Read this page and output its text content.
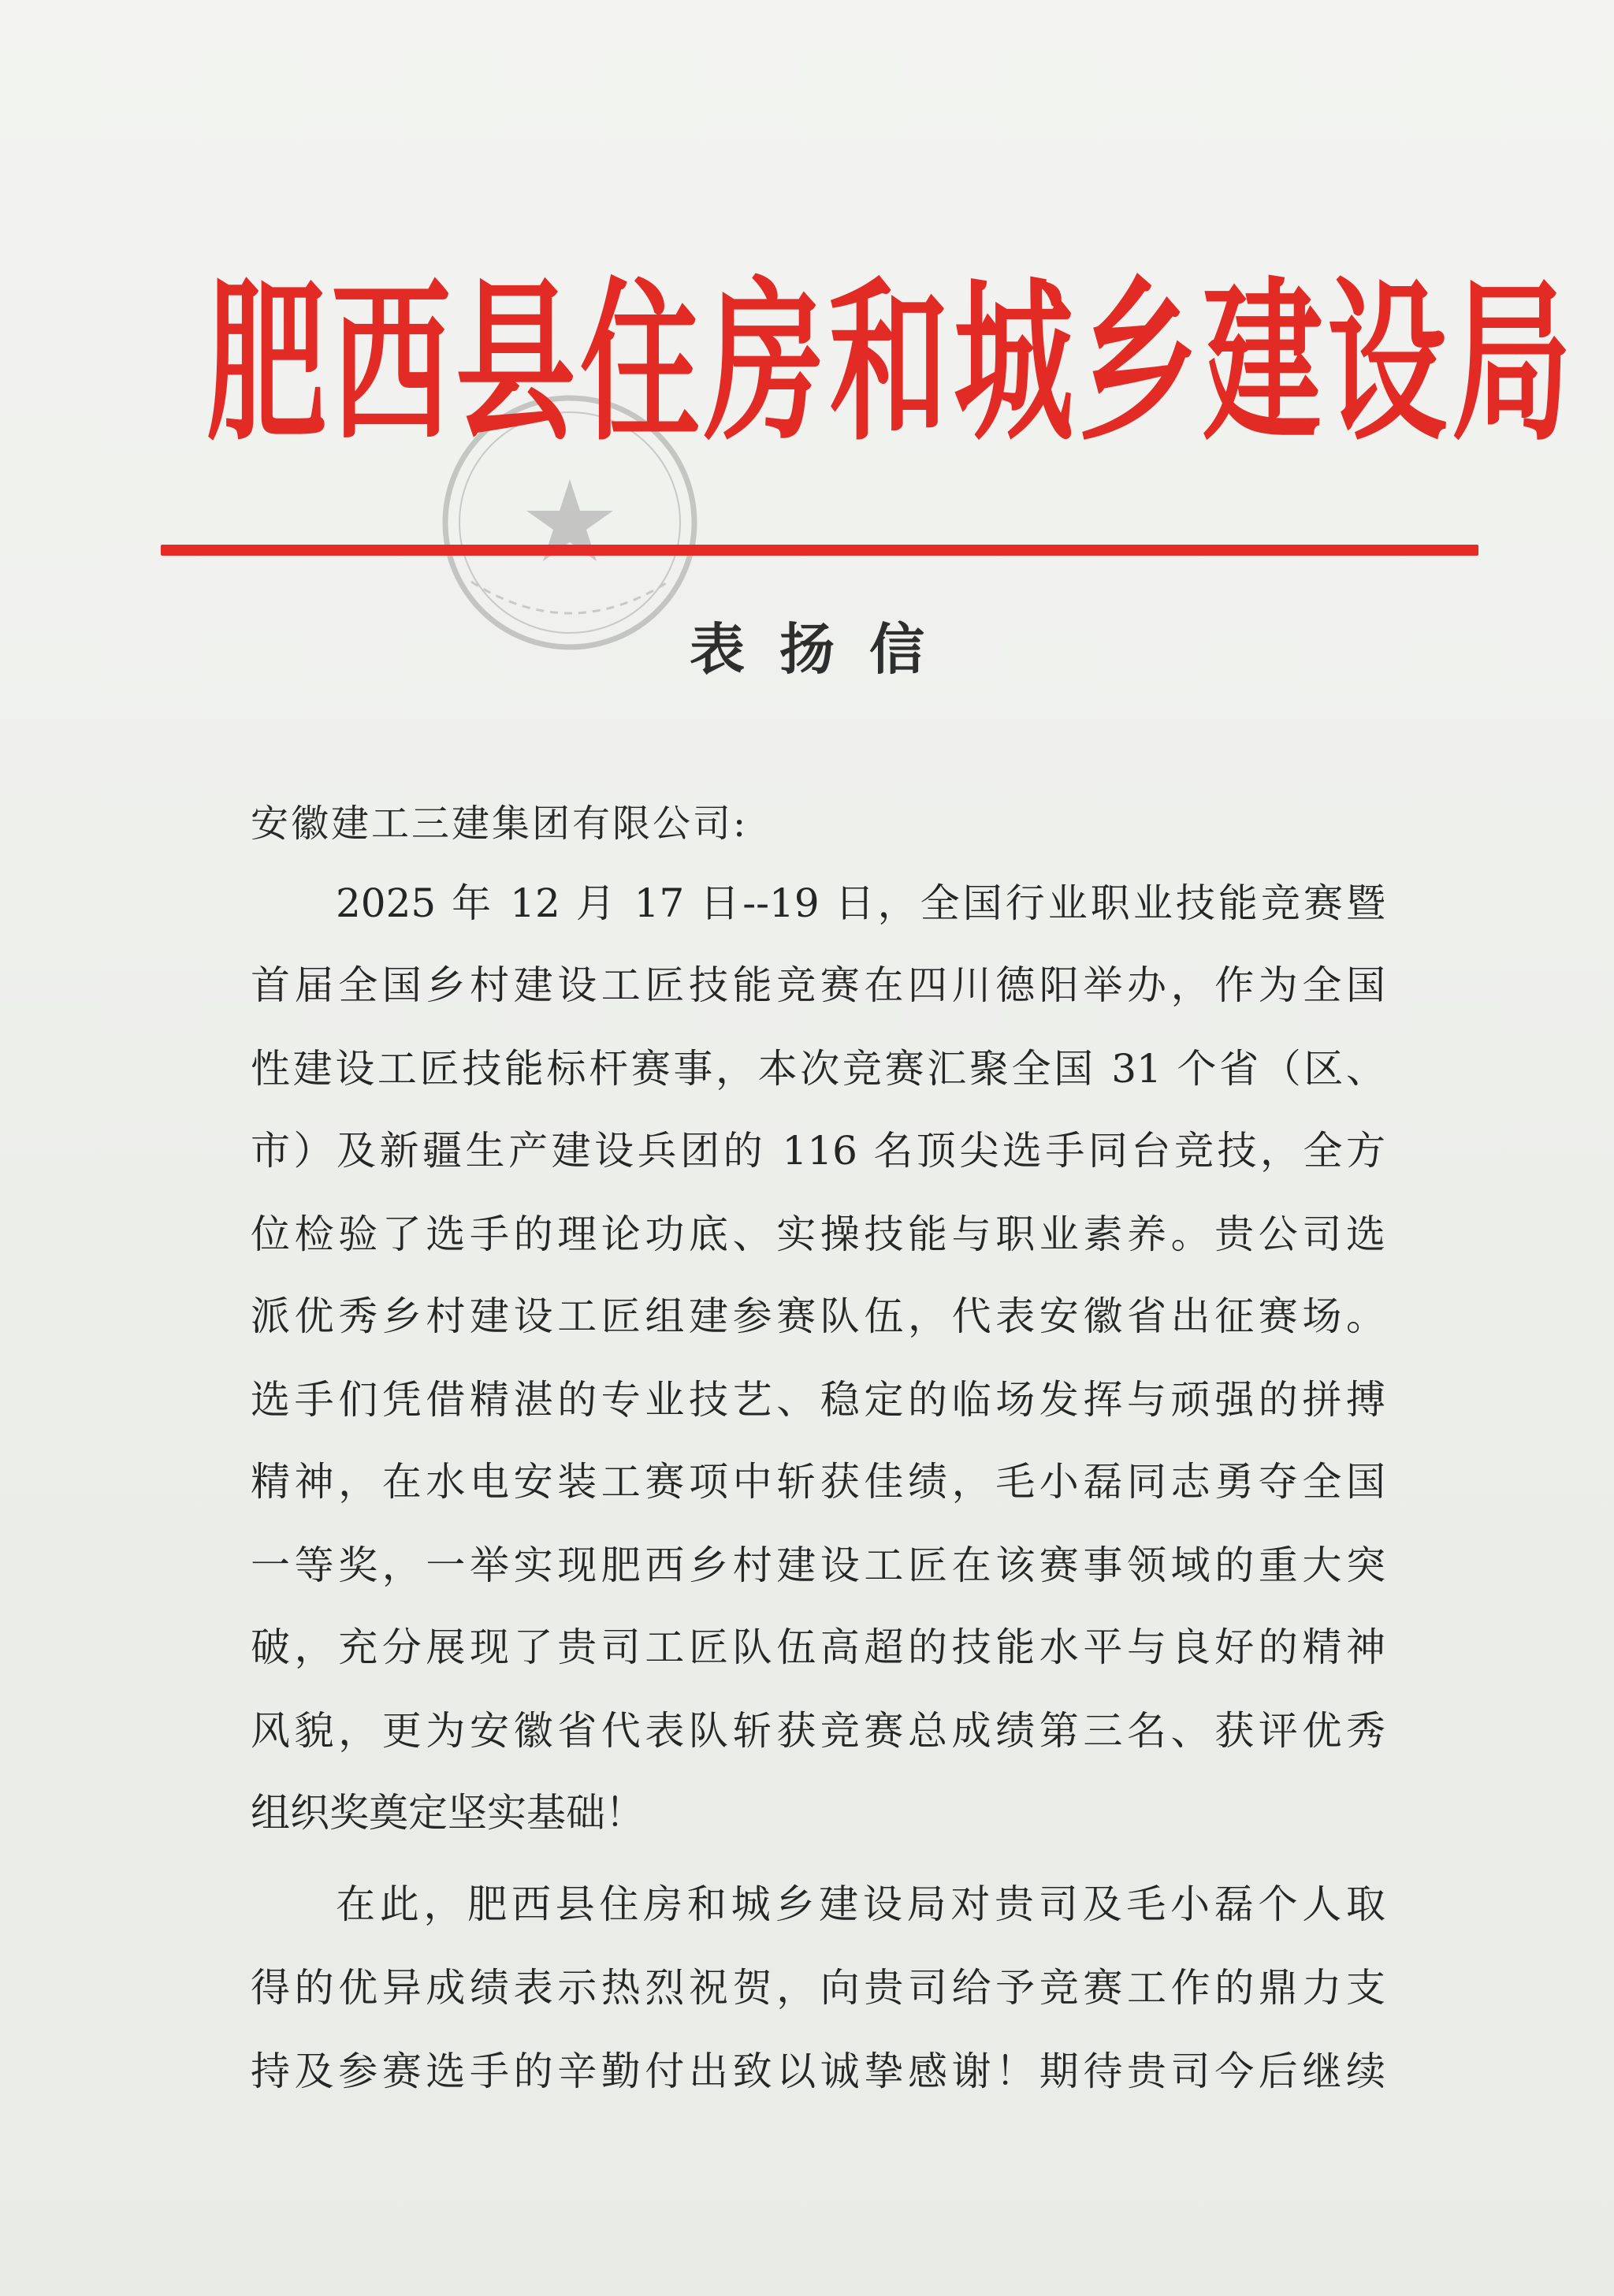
肥西县住房和城乡建设局
表扬信
安徽建工三建集团有限公司:
2025 年 12 月 17 日--19 日，全国行业职业技能竞赛暨
首届全国乡村建设工匠技能竞赛在四川德阳举办，作为全国
性建设工匠技能标杆赛事，本次竞赛汇聚全国 31 个省（区、
市）及新疆生产建设兵团的 116 名顶尖选手同台竞技，全方
位检验了选手的理论功底、实操技能与职业素养。贵公司选
派优秀乡村建设工匠组建参赛队伍，代表安徽省出征赛场。
选手们凭借精湛的专业技艺、稳定的临场发挥与顽强的拼搏
精神，在水电安装工赛项中斩获佳绩，毛小磊同志勇夺全国
一等奖，一举实现肥西乡村建设工匠在该赛事领域的重大突
破，充分展现了贵司工匠队伍高超的技能水平与良好的精神
风貌，更为安徽省代表队斩获竞赛总成绩第三名、获评优秀
组织奖奠定坚实基础！
在此，肥西县住房和城乡建设局对贵司及毛小磊个人取
得的优异成绩表示热烈祝贺，向贵司给予竞赛工作的鼎力支
持及参赛选手的辛勤付出致以诚挚感谢！期待贵司今后继续
